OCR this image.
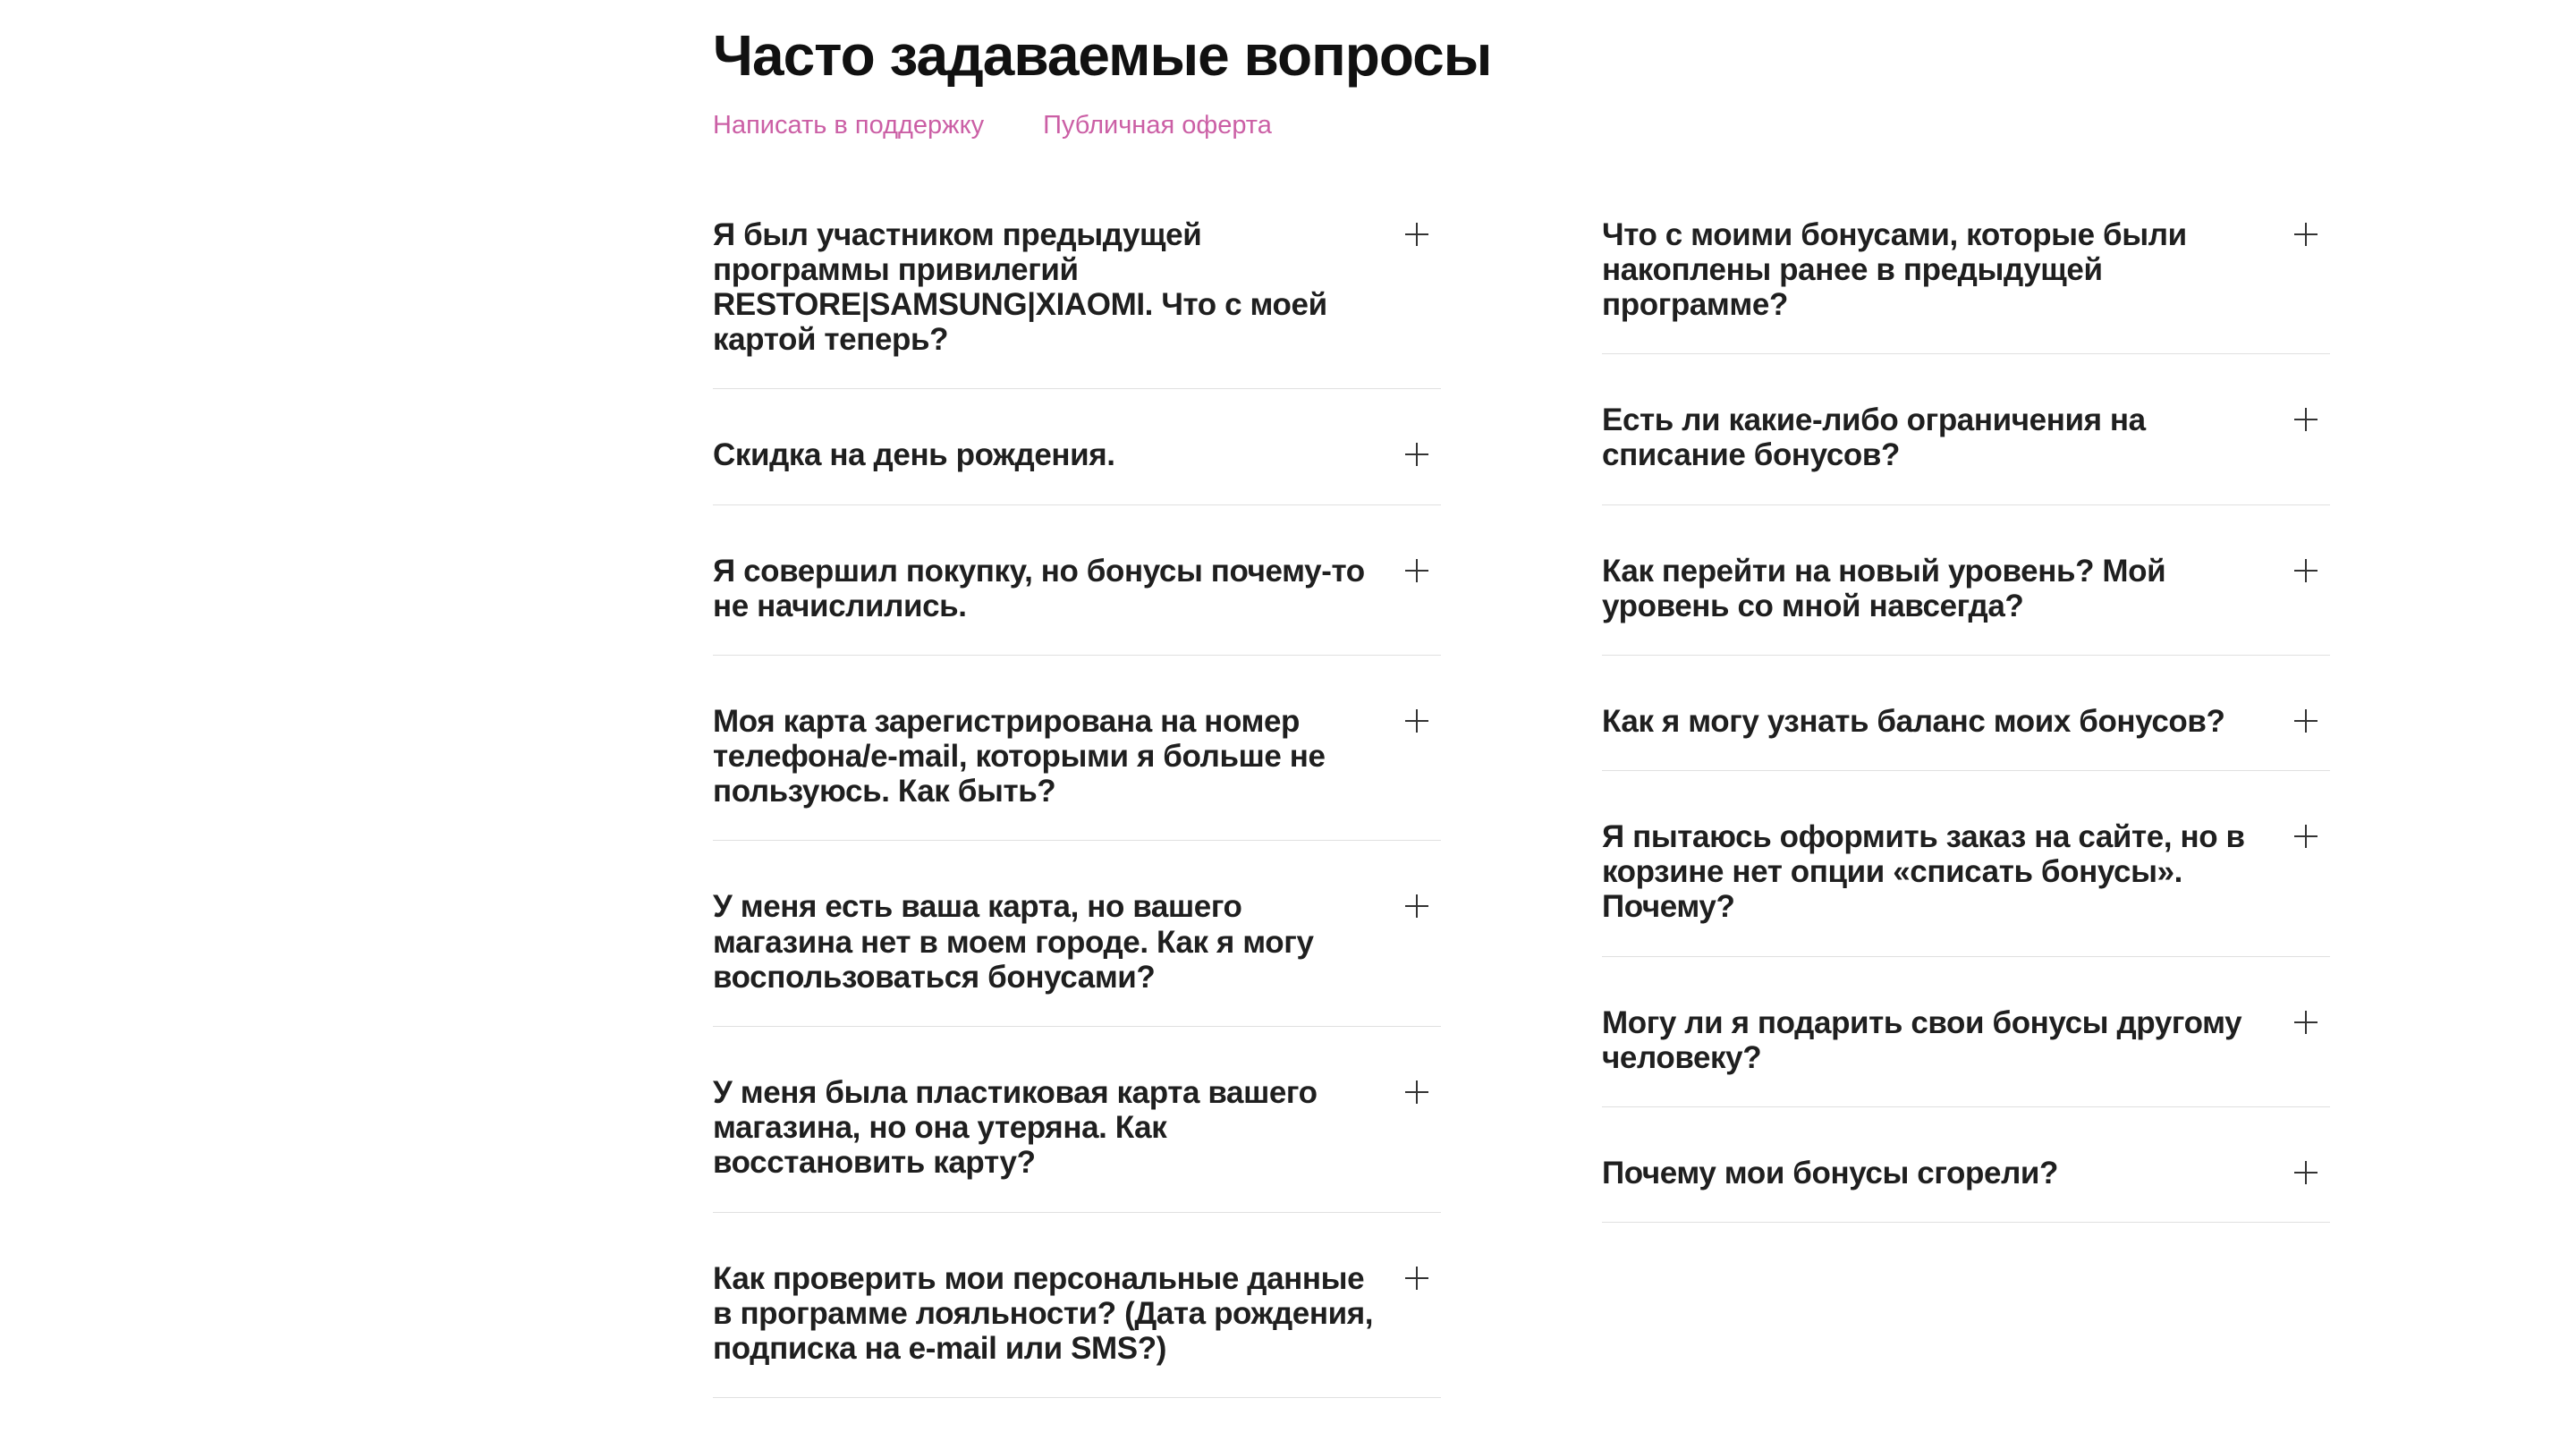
Часто задаваемые вопросы
Написать в поддержку Публичная оферта
Я был участником предыдущей программы привилегий RESTORE|SAMSUNG|XIAOMI. Что с моей картой теперь?
Скидка на день рождения.
Я совершил покупку, но бонусы почему-то не начислились.
Моя карта зарегистрирована на номер телефона/e-mail, которыми я больше не пользуюсь. Как быть?
У меня есть ваша карта, но вашего магазина нет в моем городе. Как я могу воспользоваться бонусами?
У меня была пластиковая карта вашего магазина, но она утеряна. Как восстановить карту?
Как проверить мои персональные данные в программе лояльности? (Дата рождения, подписка на e-mail или SMS?)
Что с моими бонусами, которые были накоплены ранее в предыдущей программе?
Есть ли какие-либо ограничения на списание бонусов?
Как перейти на новый уровень? Мой уровень со мной навсегда?
Как я могу узнать баланс моих бонусов?
Я пытаюсь оформить заказ на сайте, но в корзине нет опции «списать бонусы». Почему?
Могу ли я подарить свои бонусы другому человеку?
Почему мои бонусы сгорели?
